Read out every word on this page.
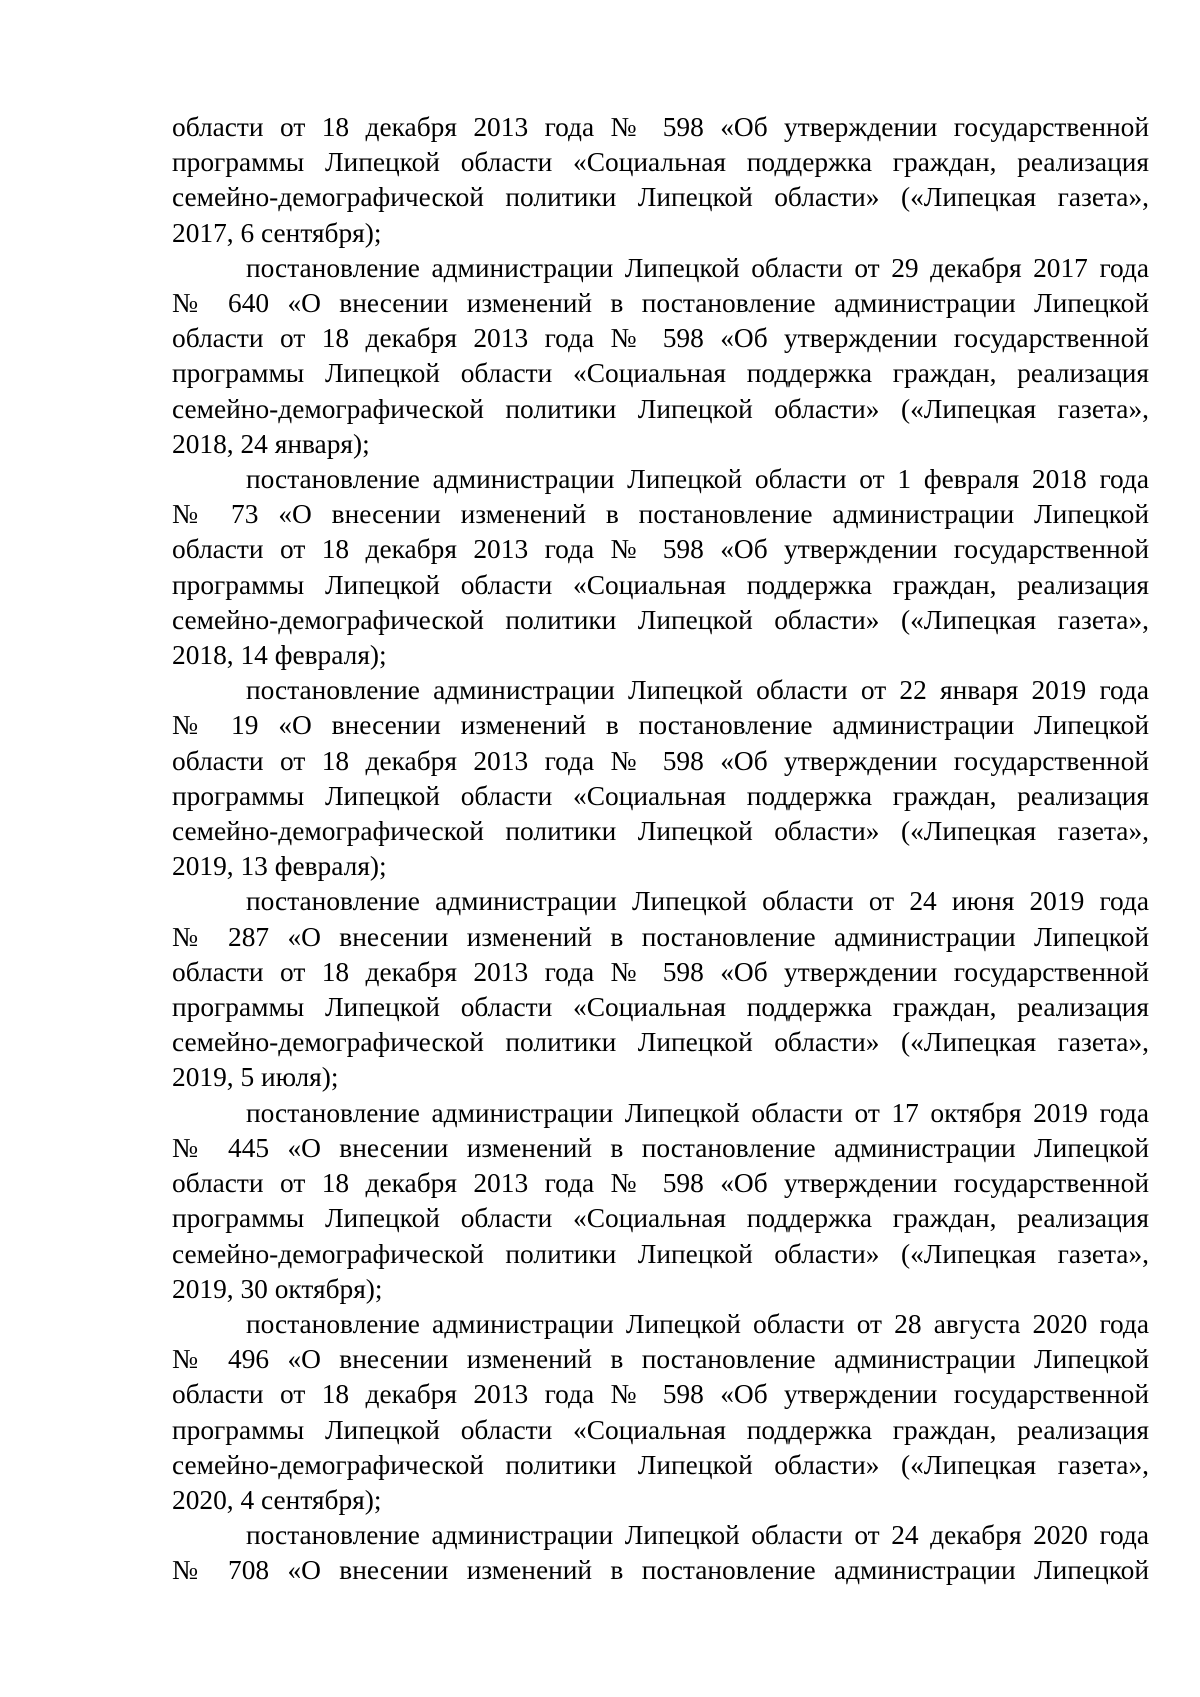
области от 18 декабря 2013 года № 598 «Об утверждении государственной
программы Липецкой области «Социальная поддержка граждан, реализация
семейно-демографической политики Липецкой области» («Липецкая газета»,
2017, 6 сентября);
постановление администрации Липецкой области от 29 декабря 2017 года
№ 640 «О внесении изменений в постановление администрации Липецкой
области от 18 декабря 2013 года № 598 «Об утверждении государственной
программы Липецкой области «Социальная поддержка граждан, реализация
семейно-демографической политики Липецкой области» («Липецкая газета»,
2018, 24 января);
постановление администрации Липецкой области от 1 февраля 2018 года
№ 73 «О внесении изменений в постановление администрации Липецкой
области от 18 декабря 2013 года № 598 «Об утверждении государственной
программы Липецкой области «Социальная поддержка граждан, реализация
семейно-демографической политики Липецкой области» («Липецкая газета»,
2018, 14 февраля);
постановление администрации Липецкой области от 22 января 2019 года
№ 19 «О внесении изменений в постановление администрации Липецкой
области от 18 декабря 2013 года № 598 «Об утверждении государственной
программы Липецкой области «Социальная поддержка граждан, реализация
семейно-демографической политики Липецкой области» («Липецкая газета»,
2019, 13 февраля);
постановление администрации Липецкой области от 24 июня 2019 года
№ 287 «О внесении изменений в постановление администрации Липецкой
области от 18 декабря 2013 года № 598 «Об утверждении государственной
программы Липецкой области «Социальная поддержка граждан, реализация
семейно-демографической политики Липецкой области» («Липецкая газета»,
2019, 5 июля);
постановление администрации Липецкой области от 17 октября 2019 года
№ 445 «О внесении изменений в постановление администрации Липецкой
области от 18 декабря 2013 года № 598 «Об утверждении государственной
программы Липецкой области «Социальная поддержка граждан, реализация
семейно-демографической политики Липецкой области» («Липецкая газета»,
2019, 30 октября);
постановление администрации Липецкой области от 28 августа 2020 года
№ 496 «О внесении изменений в постановление администрации Липецкой
области от 18 декабря 2013 года № 598 «Об утверждении государственной
программы Липецкой области «Социальная поддержка граждан, реализация
семейно-демографической политики Липецкой области» («Липецкая газета»,
2020, 4 сентября);
постановление администрации Липецкой области от 24 декабря 2020 года
№ 708 «О внесении изменений в постановление администрации Липецкой
